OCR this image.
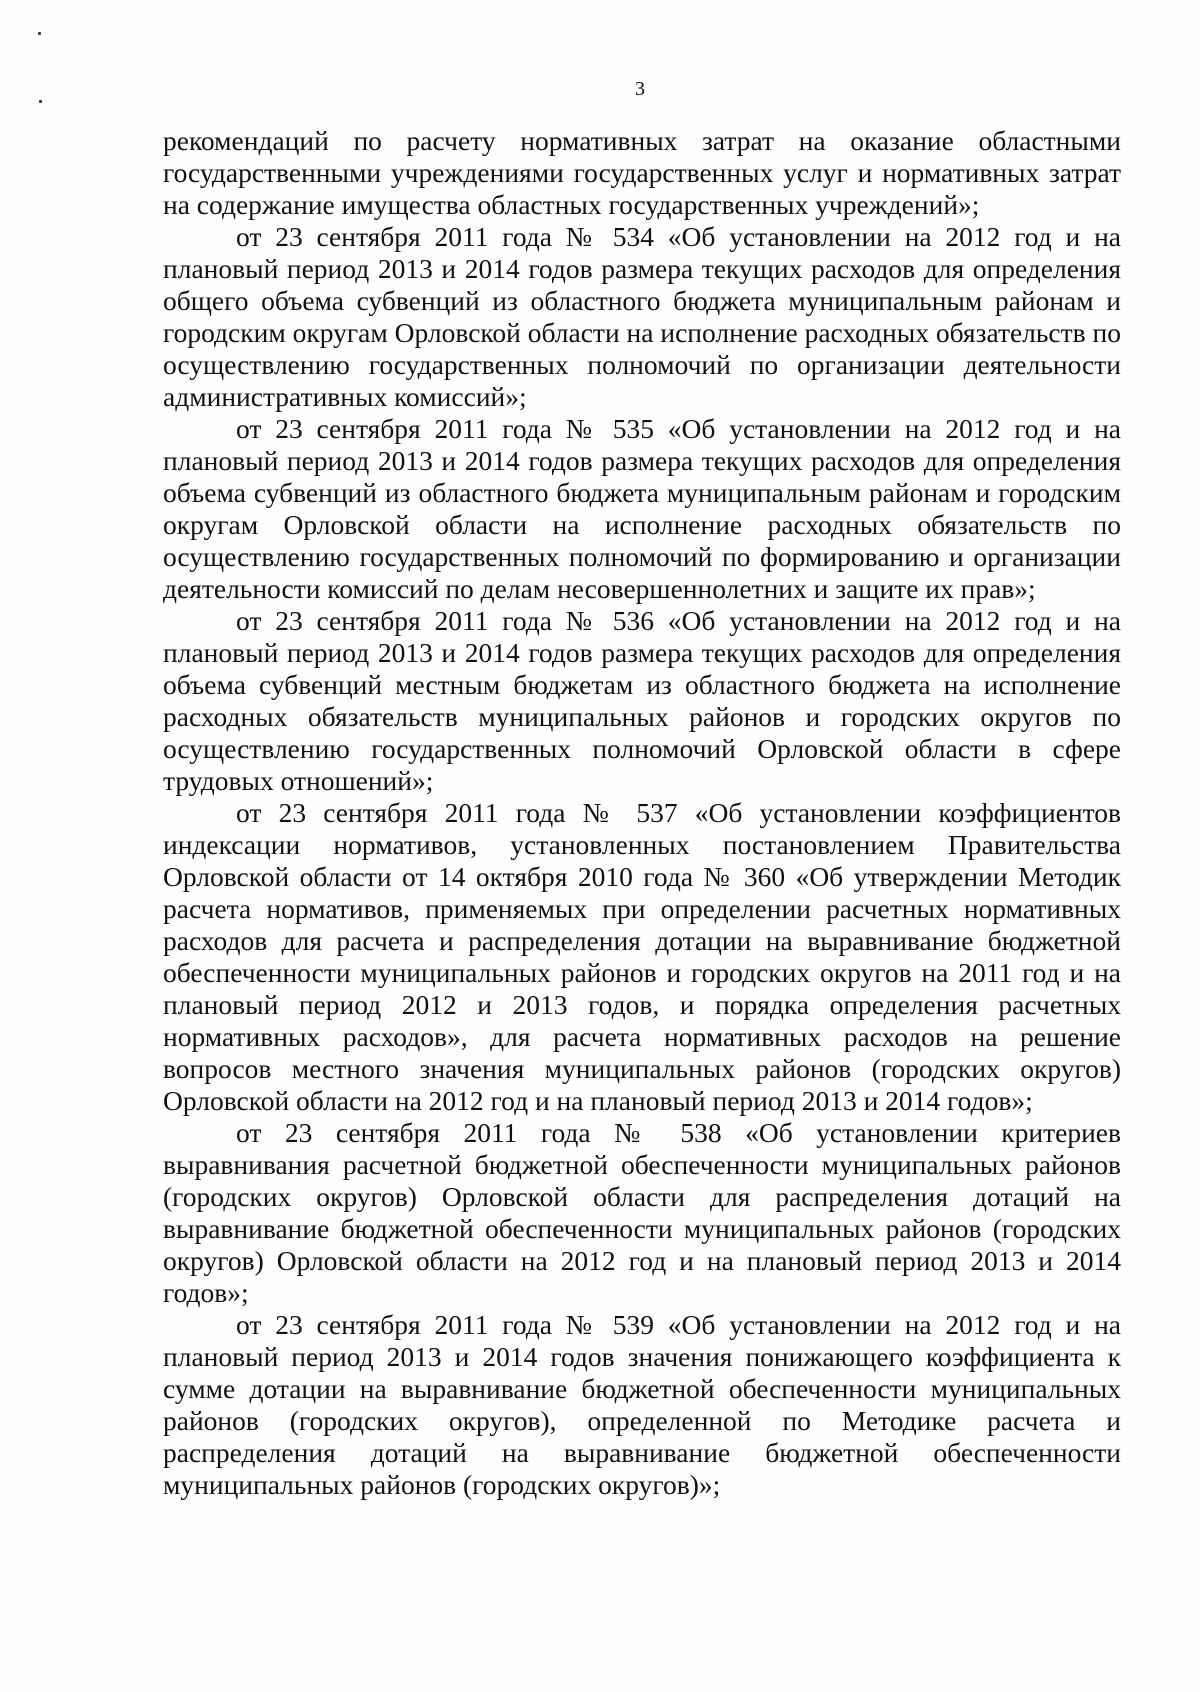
3

рекомендаций по расчету нормативных затрат на оказание областными государственными учреждениями государственных услуг и нормативных затрат на содержание имущества областных государственных учреждений»;

от 23 сентября 2011 года № 534 «Об установлении на 2012 год и на плановый период 2013 и 2014 годов размера текущих расходов для определения общего объема субвенций из областного бюджета муниципальным районам и городским округам Орловской области на исполнение расходных обязательств по осуществлению государственных полномочий по организации деятельности административных комиссий»;

от 23 сентября 2011 года № 535 «Об установлении на 2012 год и на плановый период 2013 и 2014 годов размера текущих расходов для определения объема субвенций из областного бюджета муниципальным районам и городским округам Орловской области на исполнение расходных обязательств по осуществлению государственных полномочий по формированию и организации деятельности комиссий по делам несовершеннолетних и защите их прав»;

от 23 сентября 2011 года № 536 «Об установлении на 2012 год и на плановый период 2013 и 2014 годов размера текущих расходов для определения объема субвенций местным бюджетам из областного бюджета на исполнение расходных обязательств муниципальных районов и городских округов по осуществлению государственных полномочий Орловской области в сфере трудовых отношений»;

от 23 сентября 2011 года № 537 «Об установлении коэффициентов индексации нормативов, установленных постановлением Правительства Орловской области от 14 октября 2010 года № 360 «Об утверждении Методик расчета нормативов, применяемых при определении расчетных нормативных расходов для расчета и распределения дотации на выравнивание бюджетной обеспеченности муниципальных районов и городских округов на 2011 год и на плановый период 2012 и 2013 годов, и порядка определения расчетных нормативных расходов», для расчета нормативных расходов на решение вопросов местного значения муниципальных районов (городских округов) Орловской области на 2012 год и на плановый период 2013 и 2014 годов»;

от 23 сентября 2011 года № 538 «Об установлении критериев выравнивания расчетной бюджетной обеспеченности муниципальных районов (городских округов) Орловской области для распределения дотаций на выравнивание бюджетной обеспеченности муниципальных районов (городских округов) Орловской области на 2012 год и на плановый период 2013 и 2014 годов»;

от 23 сентября 2011 года № 539 «Об установлении на 2012 год и на плановый период 2013 и 2014 годов значения понижающего коэффициента к сумме дотации на выравнивание бюджетной обеспеченности муниципальных районов (городских округов), определенной по Методике расчета и распределения дотаций на выравнивание бюджетной обеспеченности муниципальных районов (городских округов)»;
